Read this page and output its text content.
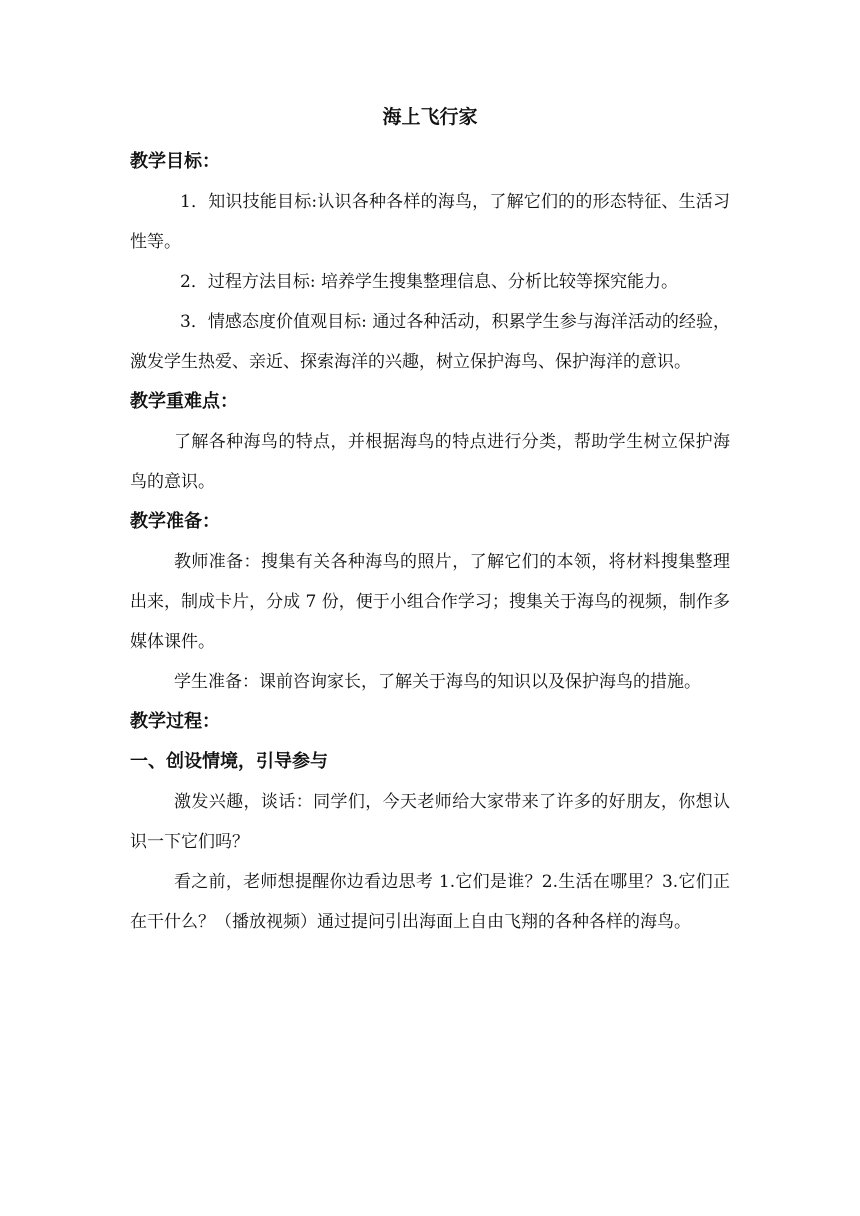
海上飞行家

教学目标：

1．知识技能目标:认识各种各样的海鸟，了解它们的的形态特征、生活习性等。

2．过程方法目标: 培养学生搜集整理信息、分析比较等探究能力。

3．情感态度价值观目标: 通过各种活动，积累学生参与海洋活动的经验，激发学生热爱、亲近、探索海洋的兴趣，树立保护海鸟、保护海洋的意识。

教学重难点：

了解各种海鸟的特点，并根据海鸟的特点进行分类，帮助学生树立保护海鸟的意识。

教学准备：

教师准备：搜集有关各种海鸟的照片，了解它们的本领，将材料搜集整理出来，制成卡片，分成 7 份，便于小组合作学习；搜集关于海鸟的视频，制作多媒体课件。

学生准备：课前咨询家长，了解关于海鸟的知识以及保护海鸟的措施。

教学过程：

一、创设情境，引导参与

激发兴趣，谈话：同学们，今天老师给大家带来了许多的好朋友，你想认识一下它们吗？

看之前，老师想提醒你边看边思考 1.它们是谁？2.生活在哪里？3.它们正在干什么？（播放视频）通过提问引出海面上自由飞翔的各种各样的海鸟。
